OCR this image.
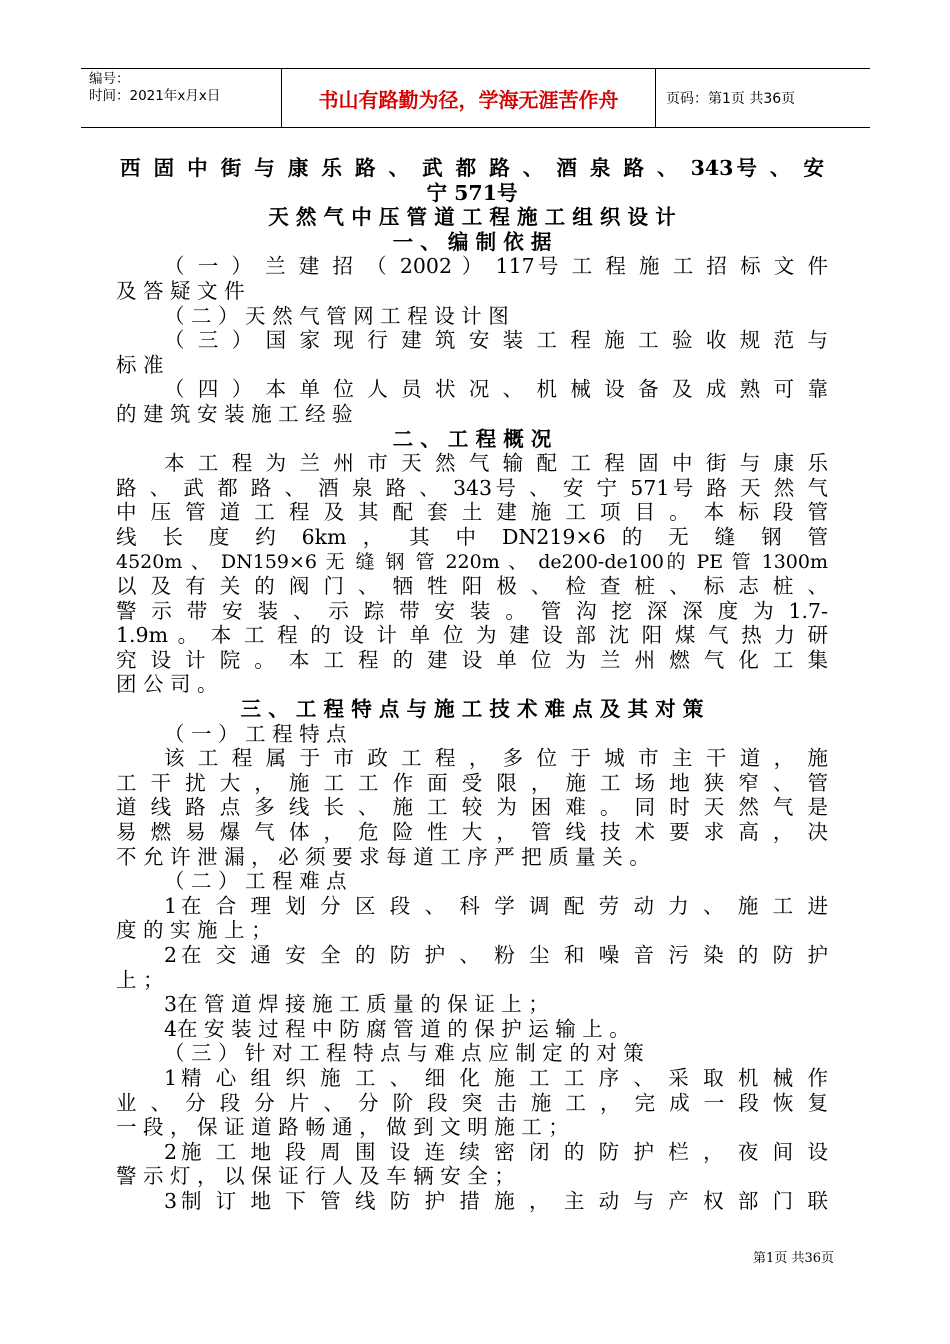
编号：
时间：2021年x月x日	书山有路勤为径，学海无涯苦作舟	页码：第1页 共36页
西 固 中 街 与 康 乐 路 、 武 都 路 、 酒 泉 路 、 343号 、 安
宁 571号
天 然 气 中 压 管 道 工 程 施 工 组 织 设 计
一 、 编 制 依 据
（ 一 ） 兰 建 招 （ 2002 ） 117号 工 程 施 工 招 标 文 件
及 答 疑 文 件
（ 二 ） 天 然 气 管 网 工 程 设 计 图
（ 三 ） 国 家 现 行 建 筑 安 装 工 程 施 工 验 收 规 范 与
标 准
（ 四 ） 本 单 位 人 员 状 况 、 机 械 设 备 及 成 熟 可 靠
的 建 筑 安 装 施 工 经 验
二 、 工 程 概 况
本 工 程 为 兰 州 市 天 然 气 输 配 工 程 固 中 街 与 康 乐
路 、 武 都 路 、 酒 泉 路 、 343号 、 安 宁 571号 路 天 然 气
中 压 管 道 工 程 及 其 配 套 土 建 施 工 项 目 。 本 标 段 管
线 长 度 约 6km ， 其 中 DN219×6 的 无 缝 钢 管
4520m 、 DN159×6 无 缝 钢 管 220m 、 de200-de100的 PE 管 1300m
以 及 有 关 的 阀 门 、 牺 牲 阳 极 、 检 查 桩 、 标 志 桩 、
警 示 带 安 装 、 示 踪 带 安 装 。 管 沟 挖 深 深 度 为 1.7-
1.9m 。 本 工 程 的 设 计 单 位 为 建 设 部 沈 阳 煤 气 热 力 研
究 设 计 院 。 本 工 程 的 建 设 单 位 为 兰 州 燃 气 化 工 集
团 公 司 。
三 、 工 程 特 点 与 施 工 技 术 难 点 及 其 对 策
（ 一 ） 工 程 特 点
该 工 程 属 于 市 政 工 程 ， 多 位 于 城 市 主 干 道 ， 施
工 干 扰 大 ， 施 工 工 作 面 受 限 ， 施 工 场 地 狭 窄 、 管
道 线 路 点 多 线 长 、 施 工 较 为 困 难 。 同 时 天 然 气 是
易 燃 易 爆 气 体 ， 危 险 性 大 ， 管 线 技 术 要 求 高 ， 决
不 允 许 泄 漏 ， 必 须 要 求 每 道 工 序 严 把 质 量 关 。
（ 二 ） 工 程 难 点
1在 合 理 划 分 区 段 、 科 学 调 配 劳 动 力 、 施 工 进
度 的 实 施 上 ；
2在 交 通 安 全 的 防 护 、 粉 尘 和 噪 音 污 染 的 防 护
上 ；
3在 管 道 焊 接 施 工 质 量 的 保 证 上 ；
4在 安 装 过 程 中 防 腐 管 道 的 保 护 运 输 上 。
（ 三 ） 针 对 工 程 特 点 与 难 点 应 制 定 的 对 策
1精 心 组 织 施 工 、 细 化 施 工 工 序 、 采 取 机 械 作
业 、 分 段 分 片 、 分 阶 段 突 击 施 工 ， 完 成 一 段 恢 复
一 段 ， 保 证 道 路 畅 通 ， 做 到 文 明 施 工 ；
2施 工 地 段 周 围 设 连 续 密 闭 的 防 护 栏 ， 夜 间 设
警 示 灯 ， 以 保 证 行 人 及 车 辆 安 全 ；
3制 订 地 下 管 线 防 护 措 施 ， 主 动 与 产 权 部 门 联
第1页 共36页
